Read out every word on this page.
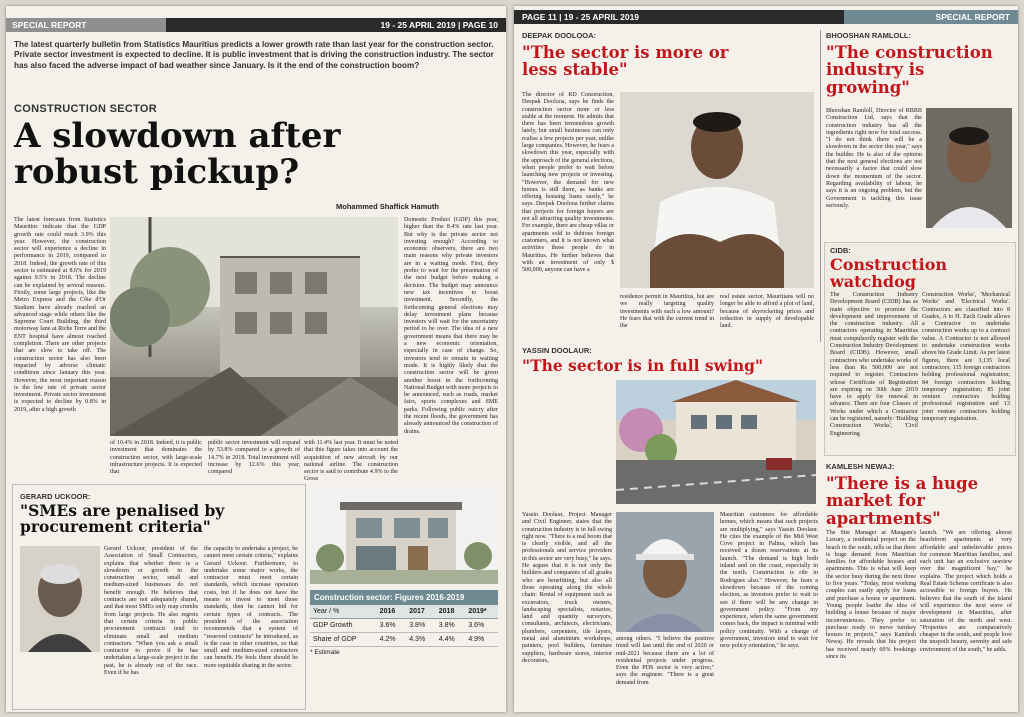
SPECIAL REPORT	19 - 25 APRIL 2019 | PAGE 10
The latest quarterly bulletin from Statistics Mauritius predicts a lower growth rate than last year for the construction sector. Private sector investment is expected to decline. It is public investment that is driving the construction industry. The sector has also faced the adverse impact of bad weather since January. Is it the end of the construction boom?
CONSTRUCTION SECTOR
A slowdown after robust pickup?
Mohammed Shaffick Hamuth
The latest forecasts from Statistics Mauritius indicate that the GDP growth rate could reach 3.9% this year. However, the construction sector will experience a decline in performance in 2019, compared to 2018. Indeed, the growth rate of this sector is estimated at 8.6% for 2019 against 9.5% in 2018. The decline can be explained by several reasons. Firstly, some large projects, like the Metro Express and the Côte d'Or Stadium have already reached an advanced stage while others like the Supreme Court Building, the third motorway lane at Riche Terre and the ENT hospital have almost reached completion. There are other projects that are slow to take off. The construction sector has also been impacted by adverse climatic conditions since January this year. However, the most important reason is the low rate of private sector investment. Private sector investment is expected to decline by 0.8% in 2019, after a high growth
of 10.4% in 2018. Indeed, it is public investment that dominates the construction sector, with large-scale infrastructure projects. It is expected that
public sector investment will expand by 53.8% compared to a growth of 14.7% in 2018. Total investment will increase by 12.6% this year, compared
with 11.4% last year. It must be noted that this figure takes into account the acquisition of new aircraft by our national airline. The construction sector is said to contribute 4.9% to the Gross
Domestic Product (GDP) this year, higher than the 8.4% rate last year. But why is the private sector not investing enough? According to economic observers, there are two main reasons why private investors are in a waiting mode. First, they prefer to wait for the presentation of the next budget before making a decision. The budget may announce new tax incentives to boost investment. Secondly, the forthcoming general elections may delay investment plans because investors will wait for the uncertainty period to be over. The idea of a new government means that there may be a new economic orientation, especially in case of change. So, investors tend to remain in waiting mode. It is highly likely that the construction sector will be given another boost in the forthcoming National Budget with more projects to be announced, such as roads, market fairs, sports complexes and SME parks. Following public outcry after the recent floods, the government has already announced the construction of drains.
GERARD UCKOOR:
"SMEs are penalised by procurement criteria"
Gerard Uckoor, president of the Association of Small Contractors, explains that whether there is a slowdown or growth in the construction sector, small and medium-sized businesses do not benefit enough. He believes that contracts are not adequately shared, and that most SMEs only reap crumbs from large projects. He also regrets that certain criteria in public procurement contracts tend to eliminate small and medium contractors. "When you ask a small contractor to prove if he has undertaken a large-scale project in the past, he is already out of the race. Even if he has
the capacity to undertake a project, he cannot meet certain criteria," explains Gerard Uckoor. Furthermore, to undertake some major works, the contractor must meet certain standards, which increase operation costs, but if he does not have the means to invest to meet those standards, then he cannot bid for certain types of contracts. The president of the association recommends that a system of "reserved contracts" be introduced, as is the case in other countries, so that small and medium-sized contractors can benefit. He feels there should be more equitable sharing in the sector.
Construction sector: Figures 2016-2019
Year / %	2016	2017	2018	2019*
GDP Growth	3.6%	3.8%	3.8%	3.6%
Share of GDP	4.2%	4.3%	4.4%	4.9%
* Estimate
PAGE 11 | 19 - 25 APRIL 2019	SPECIAL REPORT
DEEPAK DOOLOOA:
"The sector is more or less stable"
The director of RD Construction, Deepak Doolooa, says he finds the construction sector more or less stable at the moment. He admits that there has been tremendous growth lately, but small businesses can only realise a few projects per year, unlike large companies. However, he fears a slowdown this year, especially with the approach of the general elections, when people prefer to wait before launching new projects or investing. "However, the demand for new homes is still there, as banks are offering housing loans easily," he says. Deepak Doolooa further claims that projects for foreign buyers are not all attracting quality investments. For example, there are cheap villas or apartments sold to dubious foreign customers, and it is not known what activities these people do in Mauritius. He further believes that with an investment of only $ 500,000, anyone can have a
residence permit in Mauritius, but are we really targeting quality investments with such a low amount? He fears that with the current trend in the
real estate sector, Mauritians will no longer be able to afford a plot of land, because of skyrocketing prices and reduction in supply of developable land.
BHOOSHAN RAMLOLL:
"The construction industry is growing"
Bhooshan Ramloll, Director of RBRB Construction Ltd, says that the construction industry has all the ingredients right now for total success. "I do not think there will be a slowdown in the sector this year," says the builder. He is also of the opinion that the next general elections are not necessarily a factor that could slow down the momentum of the sector. Regarding availability of labour, he says it is an ongoing problem, but the Government is tackling this issue seriously.
CIDB:
Construction watchdog
The Construction Industry Development Board (CIDB) has as main objective to promote the development and improvement of the construction industry. All contractors operating in Mauritius must compulsorily register with the Construction Industry Development Board (CIDB). However, small contractors who undertake works of less than Rs 500,000 are not required to register. Contractors whose Certificate of Registration are expiring on 30th June 2019 have to apply for renewal in advance. There are four Classes of Works under which a Contractor can be registered, namely: 'Building Construction Works', 'Civil Engineering
Construction Works', 'Mechanical Works' and 'Electrical Works'. Contractors are classified into 8 Grades, A to H. Each Grade allows a Contractor to undertake construction works up to a contract value. A Contractor is not allowed to undertake construction works above his Grade Limit. As per latest figures, there are 3,135 local contractors; 115 foreign contractors holding professional registration; 84 foreign contractors holding temporary registration; 85 joint venture contractors holding professional registration and 13 joint venture contractors holding temporary registration.
YASSIN DOOLAUR:
"The sector is in full swing"
Yassin Doolaur, Project Manager and Civil Engineer, states that the construction industry is in full swing right now. "There is a real boom that is clearly visible, and all the professionals and service providers in this sector are very busy," he says. He argues that it is not only the builders and companies of all grades who are benefitting, but also all those operating along the whole chain: Rental of equipment such as excavators, truck owners, landscaping specialists, notaries, land and quantity surveyors, consultants, architects, electricians, plumbers, carpenters, tile layers, metal and aluminium workshops, painters, pool builders, furniture suppliers, hardware stores, interior decorators,
among others. "I believe the positive trend will last until the end of 2020 or mid-2021 because there are a lot of residential projects under progress. Even the PDS sector is very active," says the engineer. "There is a great demand from
Mauritian customers for affordable homes, which means that such projects are multiplying," says Yassin Doolaur. He cites the example of the Mid West Cove project in Palma, which has received a dozen reservations at its launch. "The demand is high both inland and on the coast, especially in the north. Construction is rife in Rodrigues also." However, he fears a slowdown because of the coming election, as investors prefer to wait to see if there will be any change in government policy. "From my experience, when the same government comes back, the impact is minimal with policy continuity. With a change of government, investors tend to wait for new policy orientation," he says.
KAMLESH NEWAJ:
"There is a huge market for apartments"
The Site Manager at Maugam's Luxury, a residential project on the beach in the south, tells us that there is huge demand from Mauritian families for affordable houses and apartments. This is what will keep the sector busy during the next three to five years. "Today, most working couples can easily apply for loans and purchase a house or apartment. Young people loathe the idea of building a house because of major inconveniences. They prefer to purchase ready to move turnkey houses in projects," says Kamlesh Newaj. He reveals that his project has received nearly 60% bookings since its
launch. "We are offering almost beachfront apartments at very affordable and unbelievable prices for common Mauritian families, and each unit has an exclusive seaview over the magnificent bay," he explains. The project which holds a Real Estate Scheme certificate is also accessible to foreign buyers. He believes that the south of the island will experience the next wave of development in Mauritius, after saturation of the north and west. "Properties are comparatively cheaper in the south, and people love the unspoilt beauty, serenity and safe environment of the south," he adds.
